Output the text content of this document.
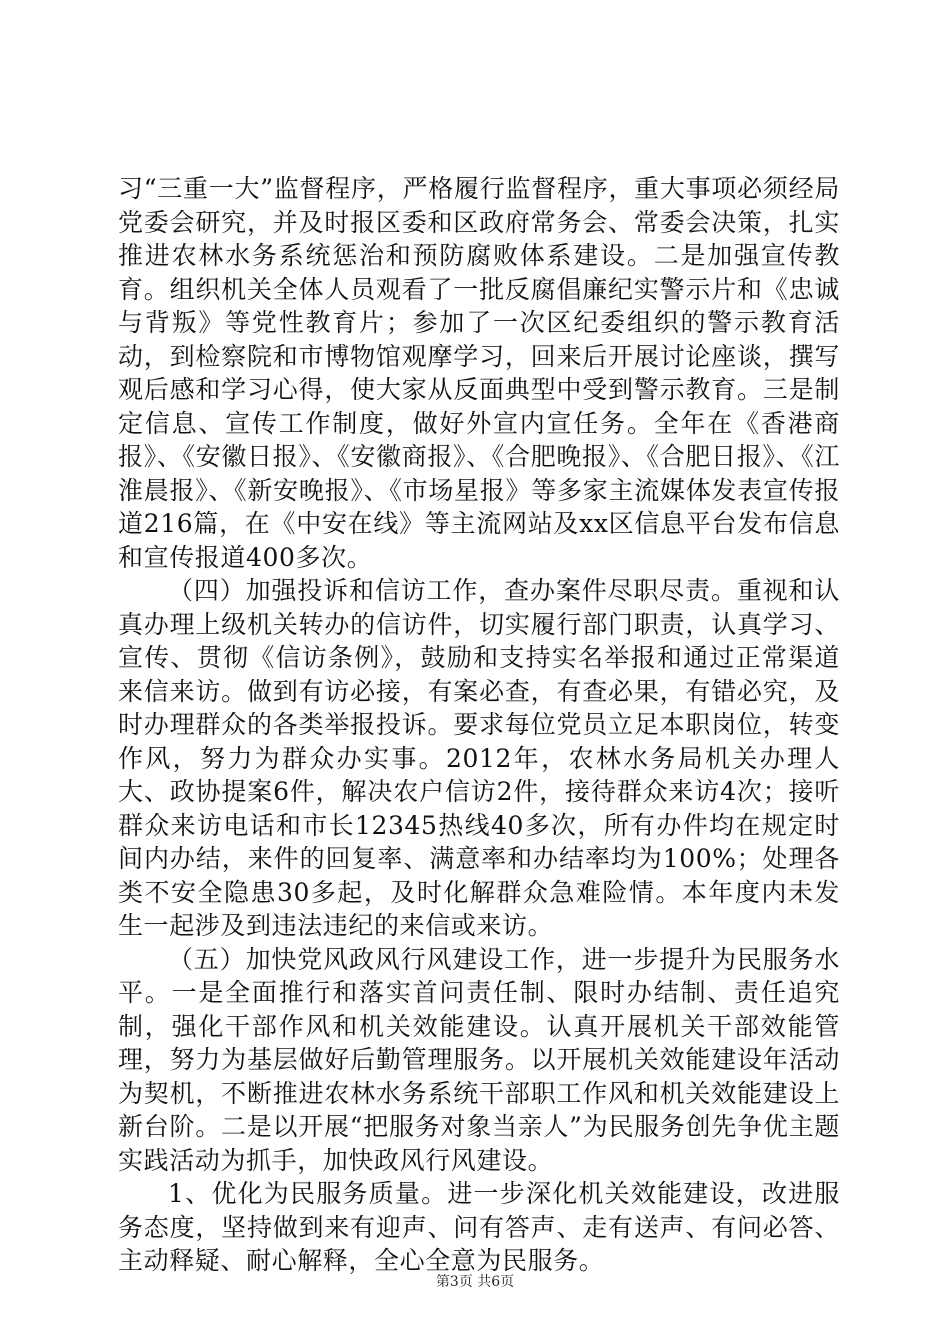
习“三重一大”监督程序，严格履行监督程序，重大事项必须经局党委会研究，并及时报区委和区政府常务会、常委会决策，扎实推进农林水务系统惩治和预防腐败体系建设。二是加强宣传教育。组织机关全体人员观看了一批反腐倡廉纪实警示片和《忠诚与背叛》等党性教育片；参加了一次区纪委组织的警示教育活动，到检察院和市博物馆观摩学习，回来后开展讨论座谈，撰写观后感和学习心得，使大家从反面典型中受到警示教育。三是制定信息、宣传工作制度，做好外宣内宣任务。全年在《香港商报》、《安徽日报》、《安徽商报》、《合肥晚报》、《合肥日报》、《江淮晨报》、《新安晚报》、《市场星报》等多家主流媒体发表宣传报道216篇，在《中安在线》等主流网站及xx区信息平台发布信息和宣传报道400多次。

（四）加强投诉和信访工作，查办案件尽职尽责。重视和认真办理上级机关转办的信访件，切实履行部门职责，认真学习、宣传、贯彻《信访条例》，鼓励和支持实名举报和通过正常渠道来信来访。做到有访必接，有案必查，有查必果，有错必究，及时办理群众的各类举报投诉。要求每位党员立足本职岗位，转变作风，努力为群众办实事。2012年，农林水务局机关办理人大、政协提案6件，解决农户信访2件，接待群众来访4次；接听群众来访电话和市长12345热线40多次，所有办件均在规定时间内办结，来件的回复率、满意率和办结率均为100%；处理各类不安全隐患30多起，及时化解群众急难险情。本年度内未发生一起涉及到违法违纪的来信或来访。

（五）加快党风政风行风建设工作，进一步提升为民服务水平。一是全面推行和落实首问责任制、限时办结制、责任追究制，强化干部作风和机关效能建设。认真开展机关干部效能管理，努力为基层做好后勤管理服务。以开展机关效能建设年活动为契机，不断推进农林水务系统干部职工作风和机关效能建设上新台阶。二是以开展“把服务对象当亲人”为民服务创先争优主题实践活动为抓手，加快政风行风建设。

1、优化为民服务质量。进一步深化机关效能建设，改进服务态度，坚持做到来有迎声、问有答声、走有送声、有问必答、主动释疑、耐心解释，全心全意为民服务。

第3页 共6页
